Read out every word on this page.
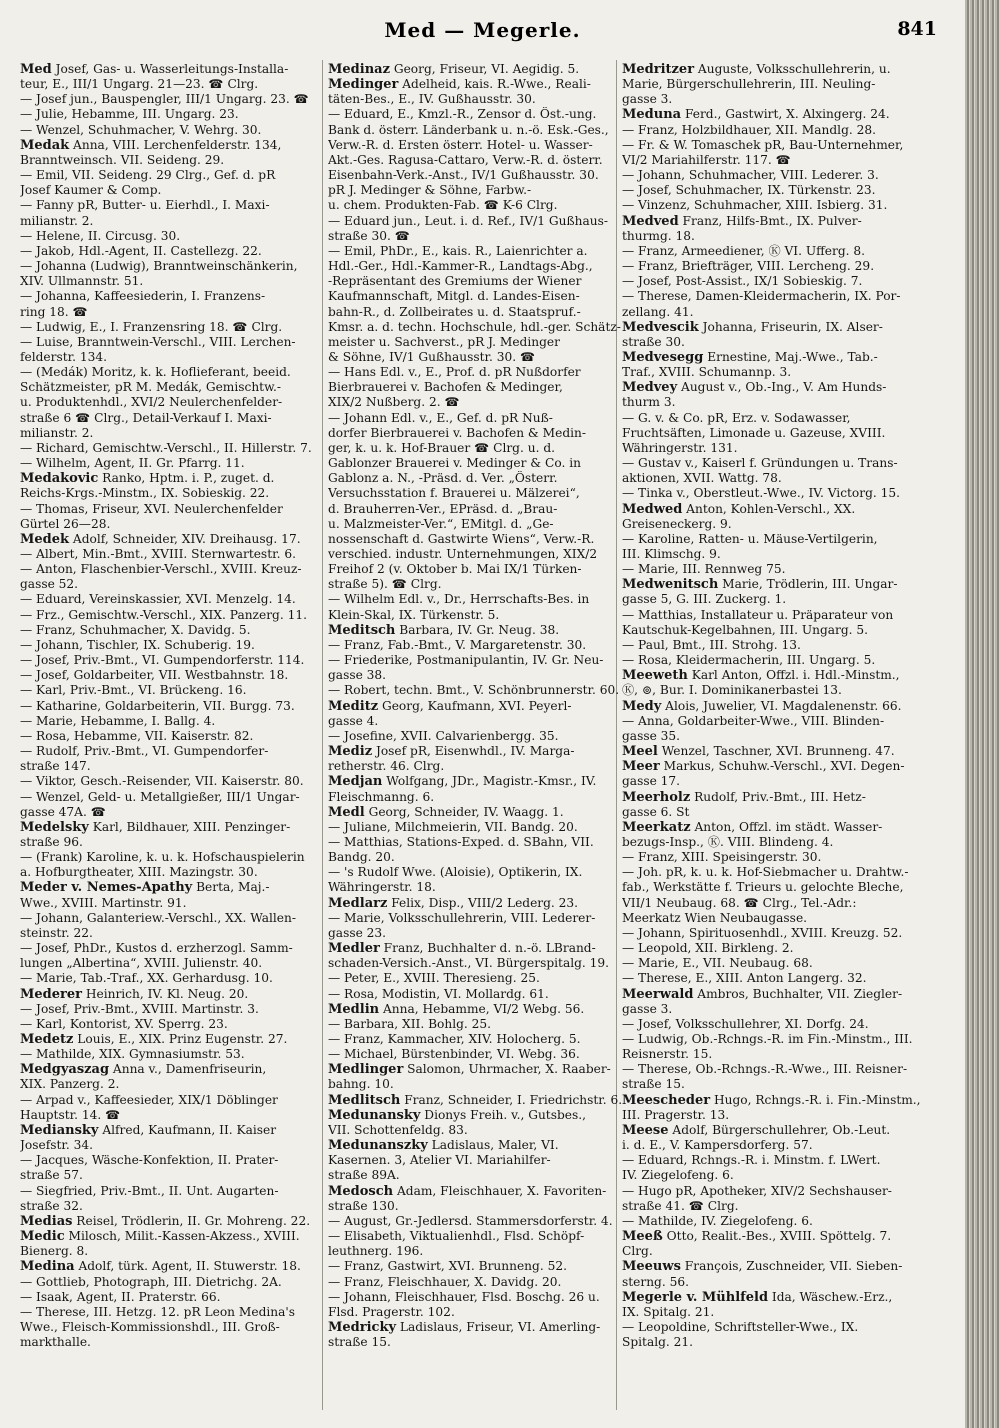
Med — Megerle.	841
Med Josef, Gas- u. Wasserleitungs-Installa-
teur, E., III/1 Ungarg. 21—23. ☎ Clrg.
— Josef jun., Bauspengler, III/1 Ungarg. 23. ☎
— Julie, Hebamme, III. Ungarg. 23.
— Wenzel, Schuhmacher, V. Wehrg. 30.
Medak Anna, VIII. Lerchenfelderstr. 134,
Branntweinsch. VII. Seideng. 29.
— Emil, VII. Seideng. 29 Clrg., Gef. d. pR
Josef Kaumer & Comp.
— Fanny pR, Butter- u. Eierhdl., I. Maxi-
milianstr. 2.
— Helene, II. Circusg. 30.
— Jakob, Hdl.-Agent, II. Castellezg. 22.
— Johanna (Ludwig), Branntweinschänkerin,
XIV. Ullmannstr. 51.
— Johanna, Kaffeesiederin, I. Franzens-
ring 18. ☎
— Ludwig, E., I. Franzensring 18. ☎ Clrg.
— Luise, Branntwein-Verschl., VIII. Lerchen-
felderstr. 134.
— (Medák) Moritz, k. k. Hoflieferant, beeid.
Schätzmeister, pR M. Medák, Gemischtw.-
u. Produktenhdl., XVI/2 Neulerchenfelder-
straße 6 ☎ Clrg., Detail-Verkauf I. Maxi-
milianstr. 2.
— Richard, Gemischtw.-Verschl., II. Hillerstr. 7.
— Wilhelm, Agent, II. Gr. Pfarrg. 11.
Medakovic Ranko, Hptm. i. P., zuget. d.
Reichs-Krgs.-Minstm., IX. Sobieskig. 22.
— Thomas, Friseur, XVI. Neulerchenfelder
Gürtel 26—28.
Medek Adolf, Schneider, XIV. Dreihausg. 17.
— Albert, Min.-Bmt., XVIII. Sternwartestr. 6.
— Anton, Flaschenbier-Verschl., XVIII. Kreuz-
gasse 52.
— Eduard, Vereinskassier, XVI. Menzelg. 14.
— Frz., Gemischtw.-Verschl., XIX. Panzerg. 11.
— Franz, Schuhmacher, X. Davidg. 5.
— Johann, Tischler, IX. Schuberig. 19.
— Josef, Priv.-Bmt., VI. Gumpendorferstr. 114.
— Josef, Goldarbeiter, VII. Westbahnstr. 18.
— Karl, Priv.-Bmt., VI. Brückeng. 16.
— Katharine, Goldarbeiterin, VII. Burgg. 73.
— Marie, Hebamme, I. Ballg. 4.
— Rosa, Hebamme, VII. Kaiserstr. 82.
— Rudolf, Priv.-Bmt., VI. Gumpendorfer-
straße 147.
— Viktor, Gesch.-Reisender, VII. Kaiserstr. 80.
— Wenzel, Geld- u. Metallgießer, III/1 Ungar-
gasse 47A. ☎
Medelsky Karl, Bildhauer, XIII. Penzinger-
straße 96.
— (Frank) Karoline, k. u. k. Hofschauspielerin
a. Hofburgtheater, XIII. Mazingstr. 30.
Meder v. Nemes-Apathy Berta, Maj.-
Wwe., XVIII. Martinstr. 91.
— Johann, Galanteriew.-Verschl., XX. Wallen-
steinstr. 22.
— Josef, PhDr., Kustos d. erzherzogl. Samm-
lungen „Albertina“, XVIII. Julienstr. 40.
— Marie, Tab.-Traf., XX. Gerhardusg. 10.
Mederer Heinrich, IV. Kl. Neug. 20.
— Josef, Priv.-Bmt., XVIII. Martinstr. 3.
— Karl, Kontorist, XV. Sperrg. 23.
Medetz Louis, E., XIX. Prinz Eugenstr. 27.
— Mathilde, XIX. Gymnasiumstr. 53.
Medgyaszag Anna v., Damenfriseurin,
XIX. Panzerg. 2.
— Arpad v., Kaffeesieder, XIX/1 Döblinger
Hauptstr. 14. ☎
Mediansky Alfred, Kaufmann, II. Kaiser
Josefstr. 34.
— Jacques, Wäsche-Konfektion, II. Prater-
straße 57.
— Siegfried, Priv.-Bmt., II. Unt. Augarten-
straße 32.
Medias Reisel, Trödlerin, II. Gr. Mohreng. 22.
Medic Milosch, Milit.-Kassen-Akzess., XVIII.
Bienerg. 8.
Medina Adolf, türk. Agent, II. Stuwerstr. 18.
— Gottlieb, Photograph, III. Dietrichg. 2A.
— Isaak, Agent, II. Praterstr. 66.
— Therese, III. Hetzg. 12. pR Leon Medina's
Wwe., Fleisch-Kommissionshdl., III. Groß-
markthalle.
Medinaz Georg, Friseur, VI. Aegidig. 5.
Medinger Adelheid, kais. R.-Wwe., Reali-
täten-Bes., E., IV. Gußhausstr. 30.
— Eduard, E., Kmzl.-R., Zensor d. Öst.-ung.
Bank d. österr. Länderbank u. n.-ö. Esk.-Ges.,
Verw.-R. d. Ersten österr. Hotel- u. Wasser-
Akt.-Ges. Ragusa-Cattaro, Verw.-R. d. österr.
Eisenbahn-Verk.-Anst., IV/1 Gußhausstr. 30.
pR J. Medinger & Söhne, Farbw.-
u. chem. Produkten-Fab. ☎ K-6 Clrg.
— Eduard jun., Leut. i. d. Ref., IV/1 Gußhaus-
straße 30. ☎
— Emil, PhDr., E., kais. R., Laienrichter a.
Hdl.-Ger., Hdl.-Kammer-R., Landtags-Abg.,
-Repräsentant des Gremiums der Wiener
Kaufmannschaft, Mitgl. d. Landes-Eisen-
bahn-R., d. Zollbeirates u. d. Staatspruf.-
Kmsr. a. d. techn. Hochschule, hdl.-ger. Schätz-
meister u. Sachverst., pR J. Medinger
& Söhne, IV/1 Gußhausstr. 30. ☎
— Hans Edl. v., E., Prof. d. pR Nußdorfer
Bierbrauerei v. Bachofen & Medinger,
XIX/2 Nußberg. 2. ☎
— Johann Edl. v., E., Gef. d. pR Nuß-
dorfer Bierbrauerei v. Bachofen & Medin-
ger, k. u. k. Hof-Brauer ☎ Clrg. u. d.
Gablonzer Brauerei v. Medinger & Co. in
Gablonz a. N., -Präsd. d. Ver. „Österr.
Versuchsstation f. Brauerei u. Mälzerei“,
d. Brauherren-Ver., EPräsd. d. „Brau-
u. Malzmeister-Ver.“, EMitgl. d. „Ge-
nossenschaft d. Gastwirte Wiens“, Verw.-R.
verschied. industr. Unternehmungen, XIX/2
Freihof 2 (v. Oktober b. Mai IX/1 Türken-
straße 5). ☎ Clrg.
— Wilhelm Edl. v., Dr., Herrschafts-Bes. in
Klein-Skal, IX. Türkenstr. 5.
Meditsch Barbara, IV. Gr. Neug. 38.
— Franz, Fab.-Bmt., V. Margaretenstr. 30.
— Friederike, Postmanipulantin, IV. Gr. Neu-
gasse 38.
— Robert, techn. Bmt., V. Schönbrunnerstr. 60.
Meditz Georg, Kaufmann, XVI. Peyerl-
gasse 4.
— Josefine, XVII. Calvarienbergg. 35.
Mediz Josef pR, Eisenwhdl., IV. Marga-
retherstr. 46. Clrg.
Medjan Wolfgang, JDr., Magistr.-Kmsr., IV.
Fleischmanng. 6.
Medl Georg, Schneider, IV. Waagg. 1.
— Juliane, Milchmeierin, VII. Bandg. 20.
— Matthias, Stations-Exped. d. SBahn, VII.
Bandg. 20.
— 's Rudolf Wwe. (Aloisie), Optikerin, IX.
Währingerstr. 18.
Medlarz Felix, Disp., VIII/2 Lederg. 23.
— Marie, Volksschullehrerin, VIII. Lederer-
gasse 23.
Medler Franz, Buchhalter d. n.-ö. LBrand-
schaden-Versich.-Anst., VI. Bürgerspitalg. 19.
— Peter, E., XVIII. Theresieng. 25.
— Rosa, Modistin, VI. Mollardg. 61.
Medlin Anna, Hebamme, VI/2 Webg. 56.
— Barbara, XII. Bohlg. 25.
— Franz, Kammacher, XIV. Holocherg. 5.
— Michael, Bürstenbinder, VI. Webg. 36.
Medlinger Salomon, Uhrmacher, X. Raaber-
bahng. 10.
Medlitsch Franz, Schneider, I. Friedrichstr. 6.
Medunansky Dionys Freih. v., Gutsbes.,
VII. Schottenfeldg. 83.
Medunanszky Ladislaus, Maler, VI.
Kasernen. 3, Atelier VI. Mariahilfer-
straße 89A.
Medosch Adam, Fleischhauer, X. Favoriten-
straße 130.
— August, Gr.-Jedlersd. Stammersdorferstr. 4.
— Elisabeth, Viktualienhdl., Flsd. Schöpf-
leuthnerg. 196.
— Franz, Gastwirt, XVI. Brunneng. 52.
— Franz, Fleischhauer, X. Davidg. 20.
— Johann, Fleischhauer, Flsd. Boschg. 26 u.
Flsd. Pragerstr. 102.
Medricky Ladislaus, Friseur, VI. Amerling-
straße 15.
Medritzer Auguste, Volksschullehrerin, u.
Marie, Bürgerschullehrerin, III. Neuling-
gasse 3.
Meduna Ferd., Gastwirt, X. Alxingerg. 24.
— Franz, Holzbildhauer, XII. Mandlg. 28.
— Fr. & W. Tomaschek pR, Bau-Unternehmer,
VI/2 Mariahilferstr. 117. ☎
— Johann, Schuhmacher, VIII. Lederer. 3.
— Josef, Schuhmacher, IX. Türkenstr. 23.
— Vinzenz, Schuhmacher, XIII. Isbierg. 31.
Medved Franz, Hilfs-Bmt., IX. Pulver-
thurmg. 18.
— Franz, Armeediener, Ⓚ VI. Ufferg. 8.
— Franz, Briefträger, VIII. Lercheng. 29.
— Josef, Post-Assist., IX/1 Sobieskig. 7.
— Therese, Damen-Kleidermacherin, IX. Por-
zellang. 41.
Medvescik Johanna, Friseurin, IX. Alser-
straße 30.
Medvesegg Ernestine, Maj.-Wwe., Tab.-
Traf., XVIII. Schumannp. 3.
Medvey August v., Ob.-Ing., V. Am Hunds-
thurm 3.
— G. v. & Co. pR, Erz. v. Sodawasser,
Fruchtsäften, Limonade u. Gazeuse, XVIII.
Währingerstr. 131.
— Gustav v., Kaiserl f. Gründungen u. Trans-
aktionen, XVII. Wattg. 78.
— Tinka v., Oberstleut.-Wwe., IV. Victorg. 15.
Medwed Anton, Kohlen-Verschl., XX.
Greiseneckerg. 9.
— Karoline, Ratten- u. Mäuse-Vertilgerin,
III. Klimschg. 9.
— Marie, III. Rennweg 75.
Medwenitsch Marie, Trödlerin, III. Ungar-
gasse 5, G. III. Zuckerg. 1.
— Matthias, Installateur u. Präparateur von
Kautschuk-Kegelbahnen, III. Ungarg. 5.
— Paul, Bmt., III. Strohg. 13.
— Rosa, Kleidermacherin, III. Ungarg. 5.
Meeweth Karl Anton, Offzl. i. Hdl.-Minstm.,
Ⓚ, ⊚, Bur. I. Dominikanerbastei 13.
Medy Alois, Juwelier, VI. Magdalenenstr. 66.
— Anna, Goldarbeiter-Wwe., VIII. Blinden-
gasse 35.
Meel Wenzel, Taschner, XVI. Brunneng. 47.
Meer Markus, Schuhw.-Verschl., XVI. Degen-
gasse 17.
Meerholz Rudolf, Priv.-Bmt., III. Hetz-
gasse 6. St
Meerkatz Anton, Offzl. im städt. Wasser-
bezugs-Insp., Ⓚ. VIII. Blindeng. 4.
— Franz, XIII. Speisingerstr. 30.
— Joh. pR, k. u. k. Hof-Siebmacher u. Drahtw.-
fab., Werkstätte f. Trieurs u. gelochte Bleche,
VII/1 Neubaug. 68. ☎ Clrg., Tel.-Adr.:
Meerkatz Wien Neubaugasse.
— Johann, Spirituosenhdl., XVIII. Kreuzg. 52.
— Leopold, XII. Birkleng. 2.
— Marie, E., VII. Neubaug. 68.
— Therese, E., XIII. Anton Langerg. 32.
Meerwald Ambros, Buchhalter, VII. Ziegler-
gasse 3.
— Josef, Volksschullehrer, XI. Dorfg. 24.
— Ludwig, Ob.-Rchngs.-R. im Fin.-Minstm., III.
Reisnerstr. 15.
— Therese, Ob.-Rchngs.-R.-Wwe., III. Reisner-
straße 15.
Meescheder Hugo, Rchngs.-R. i. Fin.-Minstm.,
III. Pragerstr. 13.
Meese Adolf, Bürgerschullehrer, Ob.-Leut.
i. d. E., V. Kampersdorferg. 57.
— Eduard, Rchngs.-R. i. Minstm. f. LWert.
IV. Ziegelofeng. 6.
— Hugo pR, Apotheker, XIV/2 Sechshauser-
straße 41. ☎ Clrg.
— Mathilde, IV. Ziegelofeng. 6.
Meeß Otto, Realit.-Bes., XVIII. Spöttelg. 7.
Clrg.
Meeuws François, Zuschneider, VII. Sieben-
sterng. 56.
Megerle v. Mühlfeld Ida, Wäschew.-Erz.,
IX. Spitalg. 21.
— Leopoldine, Schriftsteller-Wwe., IX.
Spitalg. 21.
